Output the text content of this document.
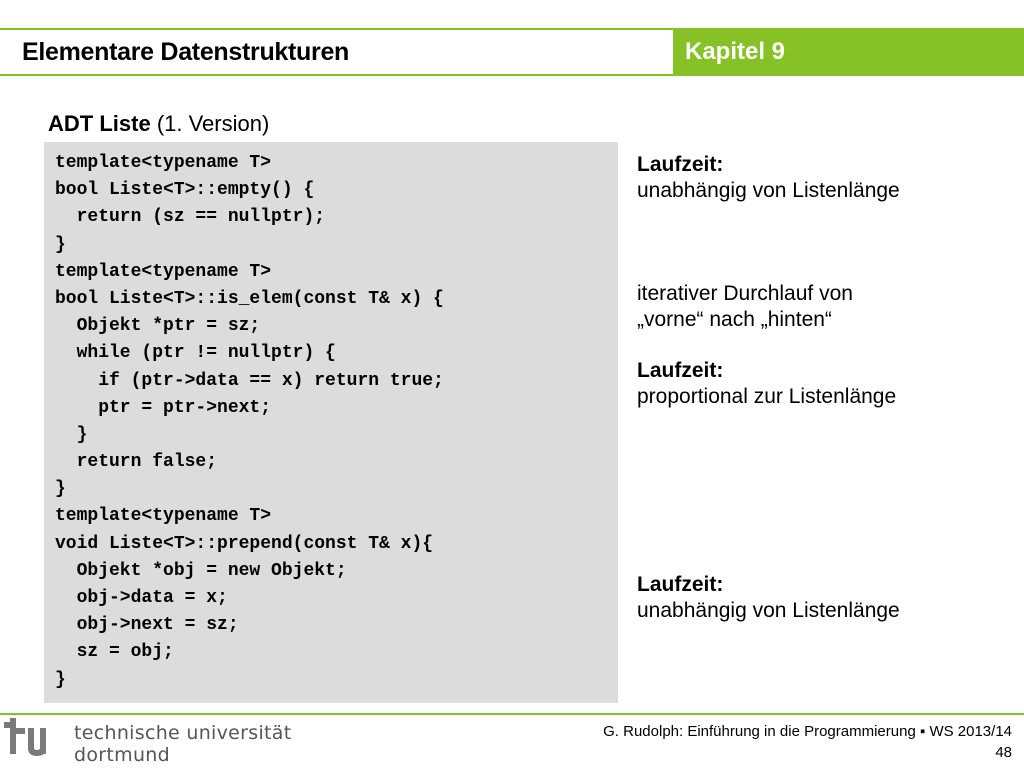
Elementare Datenstrukturen	Kapitel 9
ADT Liste (1. Version)
template<typename T>
bool Liste<T>::empty() {
return (sz == nullptr);
}
template<typename T>
bool Liste<T>::is_elem(const T& x) {
Objekt *ptr = sz;
while (ptr != nullptr) {
if (ptr->data == x) return true;
ptr = ptr->next;
}
return false;
}
template<typename T>
void Liste<T>::prepend(const T& x){
Objekt *obj = new Objekt;
obj->data = x;
obj->next = sz;
sz = obj;
}
Laufzeit:
unabhängig von Listenlänge
iterativer Durchlauf von
„vorne“ nach „hinten“
Laufzeit:
proportional zur Listenlänge
Laufzeit:
unabhängig von Listenlänge
technische universität
dortmund
G. Rudolph: Einführung in die Programmierung ▪ WS 2013/14
48
